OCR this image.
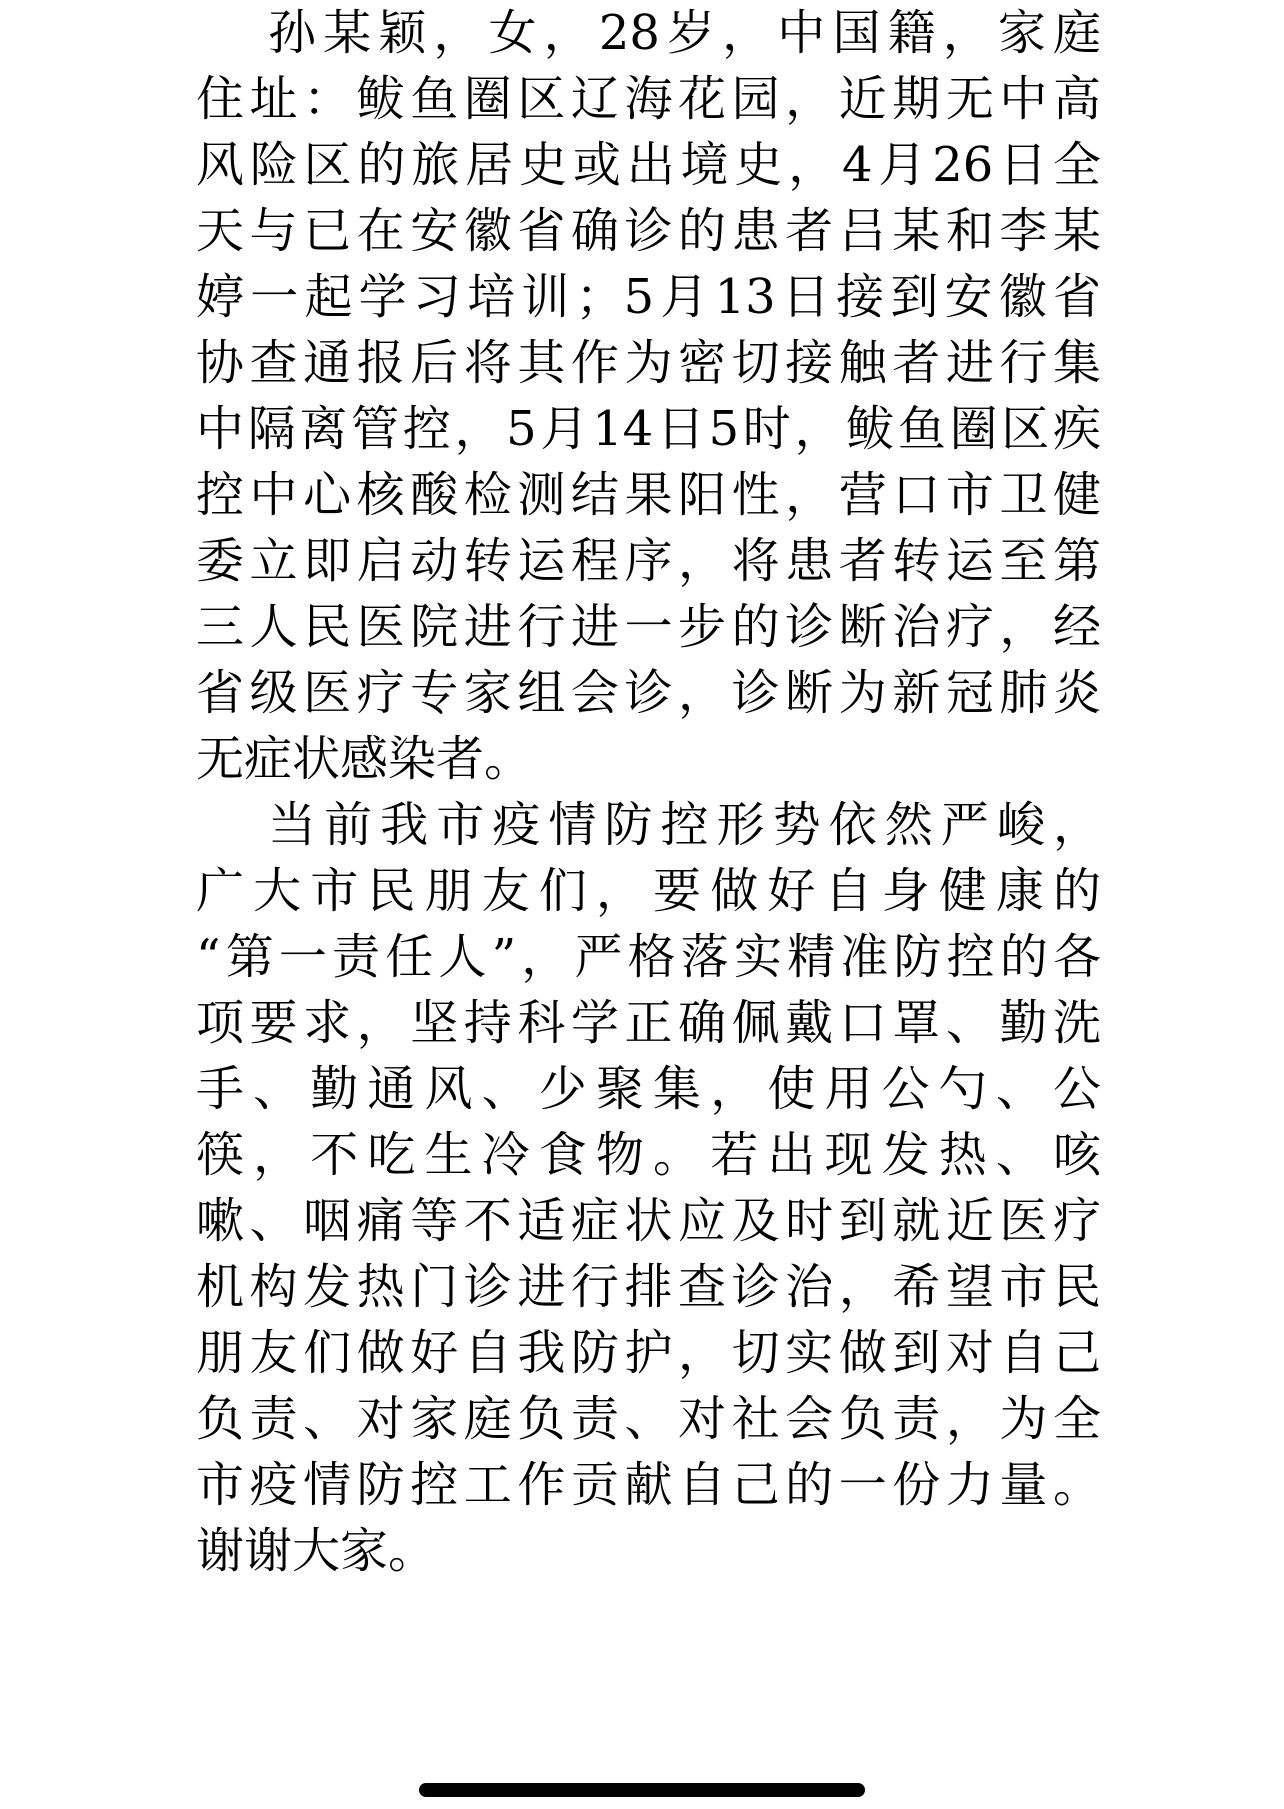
孙某颖，女，28岁，中国籍，家庭
住址：鲅鱼圈区辽海花园，近期无中高
风险区的旅居史或出境史，4月26日全
天与已在安徽省确诊的患者吕某和李某
婷一起学习培训；5月13日接到安徽省
协查通报后将其作为密切接触者进行集
中隔离管控，5月14日5时，鲅鱼圈区疾
控中心核酸检测结果阳性，营口市卫健
委立即启动转运程序，将患者转运至第
三人民医院进行进一步的诊断治疗，经
省级医疗专家组会诊，诊断为新冠肺炎
无症状感染者。
当前我市疫情防控形势依然严峻，
广大市民朋友们，要做好自身健康的
“第一责任人”，严格落实精准防控的各
项要求，坚持科学正确佩戴口罩、勤洗
手、勤通风、少聚集，使用公勺、公
筷，不吃生冷食物。若出现发热、咳
嗽、咽痛等不适症状应及时到就近医疗
机构发热门诊进行排查诊治，希望市民
朋友们做好自我防护，切实做到对自己
负责、对家庭负责、对社会负责，为全
市疫情防控工作贡献自己的一份力量。
谢谢大家。
